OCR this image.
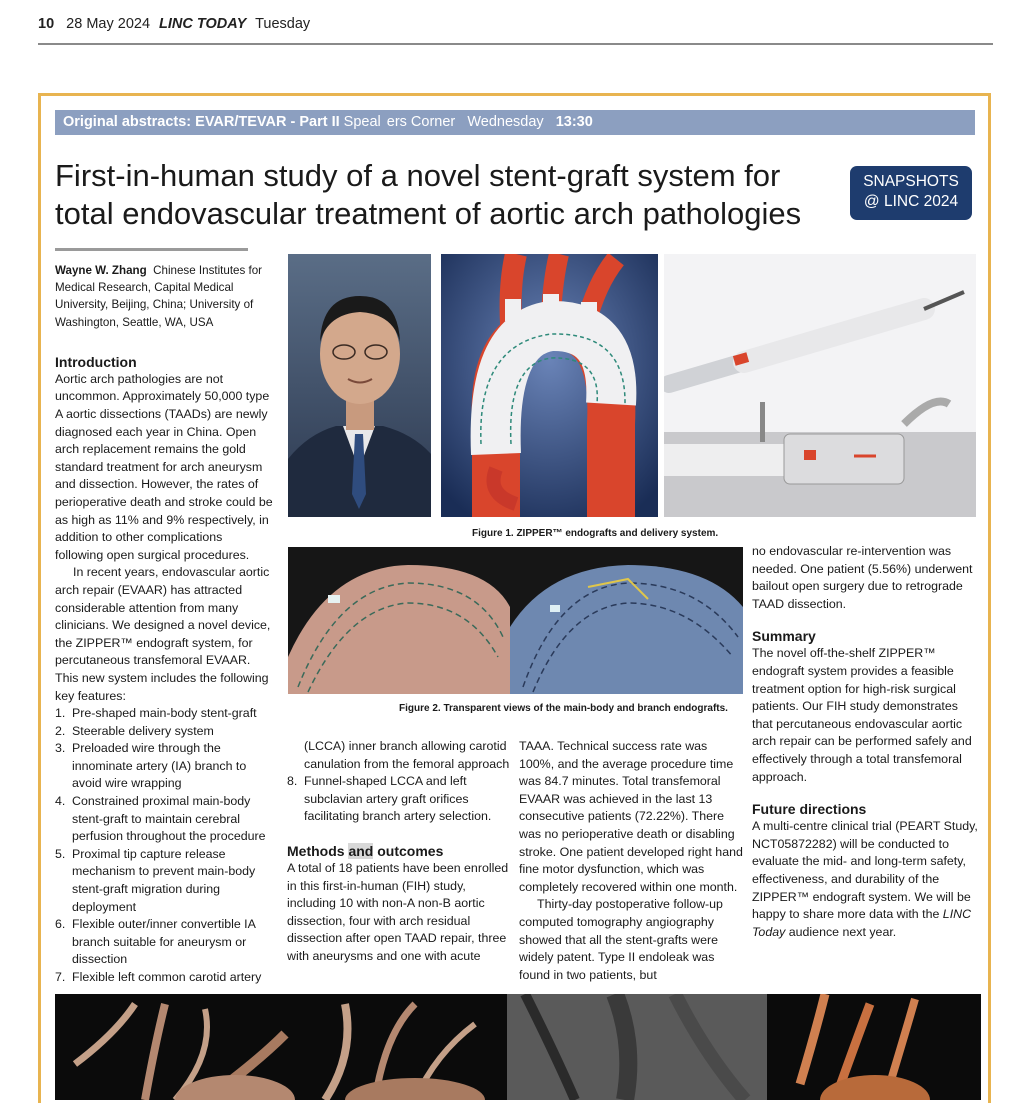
10 28 May 2024 LINC TODAY Tuesday
Original abstracts: EVAR/TEVAR - Part II Speal ers Corner Wednesday 13:30
First-in-human study of a novel stent-graft system for total endovascular treatment of aortic arch pathologies
SNAPSHOTS
@ LINC 2024

Wayne W. Zhang Chinese Institutes for Medical Research, Capital Medical University, Beijing, China; University of Washington, Seattle, WA, USA

Introduction

Aortic arch pathologies are not uncommon. Approximately 50,000 type A aortic dissections (TAADs) are newly diagnosed each year in China. Open arch replacement remains the gold standard treatment for arch aneurysm and dissection. However, the rates of perioperative death and stroke could be as high as 11% and 9% respectively, in addition to other complications following open surgical procedures.

In recent years, endovascular aortic arch repair (EVAAR) has attracted considerable attention from many clinicians. We designed a novel device, the ZIPPER™ endograft system, for percutaneous transfemoral EVAAR. This new system includes the following key features:

1. Pre-shaped main-body stent-graft
2. Steerable delivery system
3. Preloaded wire through the innominate artery (IA) branch to avoid wire wrapping
4. Constrained proximal main-body stent-graft to maintain cerebral perfusion throughout the procedure
5. Proximal tip capture release mechanism to prevent main-body stent-graft migration during deployment
6. Flexible outer/inner convertible IA branch suitable for aneurysm or dissection
7. Flexible left common carotid artery
Figure 1. ZIPPER™ endografts and delivery system.
Figure 2. Transparent views of the main-body and branch endografts.
(LCCA) inner branch allowing carotid canulation from the femoral approach
8. Funnel-shaped LCCA and left subclavian artery graft orifices facilitating branch artery selection.
Methods and outcomes

A total of 18 patients have been enrolled in this first-in-human (FIH) study, including 10 with non-A non-B aortic dissection, four with arch residual dissection after open TAAD repair, three with aneurysms and one with acute

TAAA. Technical success rate was 100%, and the average procedure time was 84.7 minutes. Total transfemoral EVAAR was achieved in the last 13 consecutive patients (72.22%). There was no perioperative death or disabling stroke. One patient developed right hand fine motor dysfunction, which was completely recovered within one month.

Thirty-day postoperative follow-up computed tomography angiography showed that all the stent-grafts were widely patent. Type II endoleak was found in two patients, but

no endovascular re-intervention was needed. One patient (5.56%) underwent bailout open surgery due to retrograde TAAD dissection.

Summary

The novel off-the-shelf ZIPPER™ endograft system provides a feasible treatment option for high-risk surgical patients. Our FIH study demonstrates that percutaneous endovascular aortic arch repair can be performed safely and effectively through a total transfemoral approach.

Future directions

A multi-centre clinical trial (PEART Study, NCT05872282) will be conducted to evaluate the mid- and long-term safety, effectiveness, and durability of the ZIPPER™ endograft system. We will be happy to share more data with the LINC Today audience next year.
